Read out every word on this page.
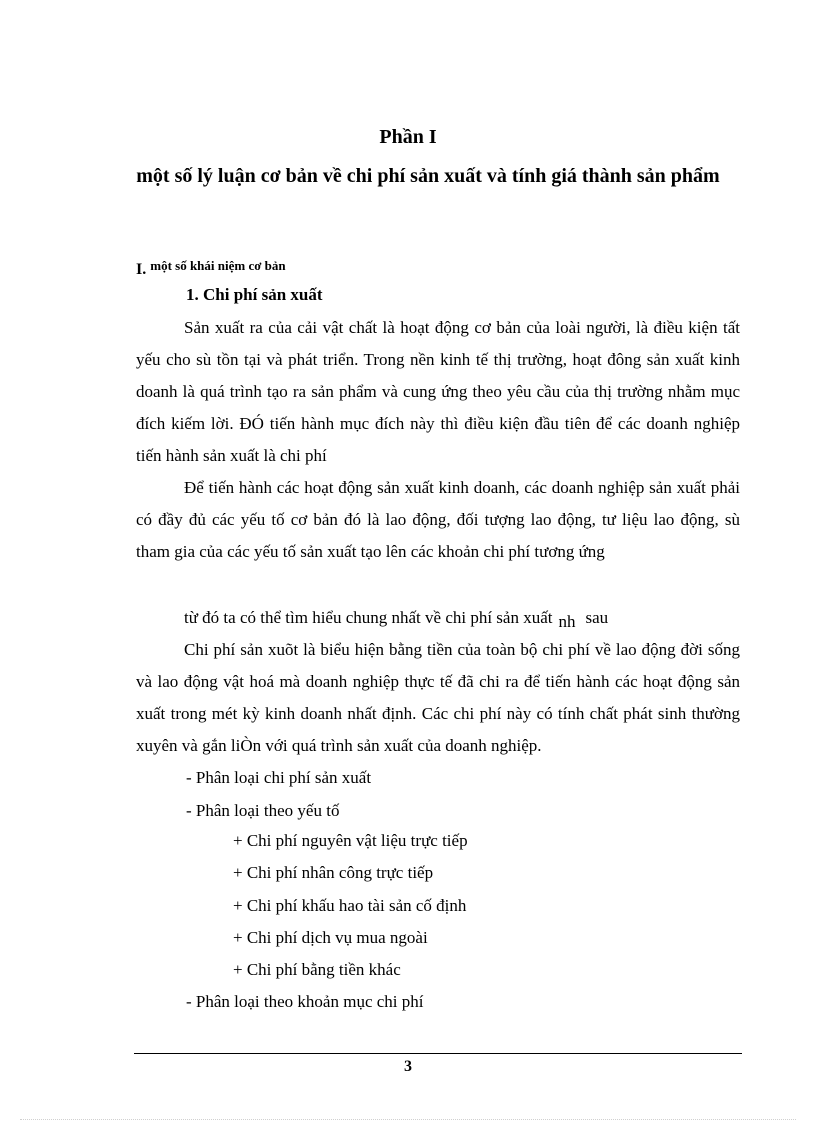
Phần I
một số lý luận cơ bản về chi phí sản xuất và tính giá thành sản phẩm
I. $^{một số khái niệm cơ bản}$
1. Chi phí sản xuất
Sản xuất ra của cải vật chất là hoạt động cơ bản của loài người, là điều kiện tất yếu cho sù tồn tại và phát triển. Trong nền kinh tế thị trường, hoạt đông sản xuất kinh doanh là quá trình tạo ra sản phẩm và cung ứng theo yêu cầu của thị trường nhằm mục đích kiếm lời. ĐÓ tiến hành mục đích này thì điều kiện đầu tiên để các doanh nghiệp tiến hành sản xuất là chi phí
Để tiến hành các hoạt động sản xuất kinh doanh, các doanh nghiệp sản xuất phải có đầy đủ các yếu tố cơ bản đó là lao động, đối tượng lao động, tư liệu lao động, sù tham gia của các yếu tố sản xuất tạo lên các khoản chi phí tương ứng
từ đó ta có thể tìm hiểu chung nhất về chi phí sản xuất nh sau
Chi phí sản xuõt là biểu hiện bằng tiền của toàn bộ chi phí về lao động đời sống và lao động vật hoá mà doanh nghiệp thực tế đã chi ra để tiến hành các hoạt động sản xuất trong mét kỳ kinh doanh nhất định. Các chi phí này có tính chất phát sinh thường xuyên và gắn liÒn với quá trình sản xuất của doanh nghiệp.
- Phân loại chi phí sản xuất
- Phân loại theo yếu tố
+ Chi phí nguyên vật liệu trực tiếp
+ Chi phí nhân công trực tiếp
+ Chi phí khấu hao tài sản cố định
+ Chi phí dịch vụ mua ngoài
+ Chi phí bằng tiền khác
- Phân loại theo khoản mục chi phí
3
